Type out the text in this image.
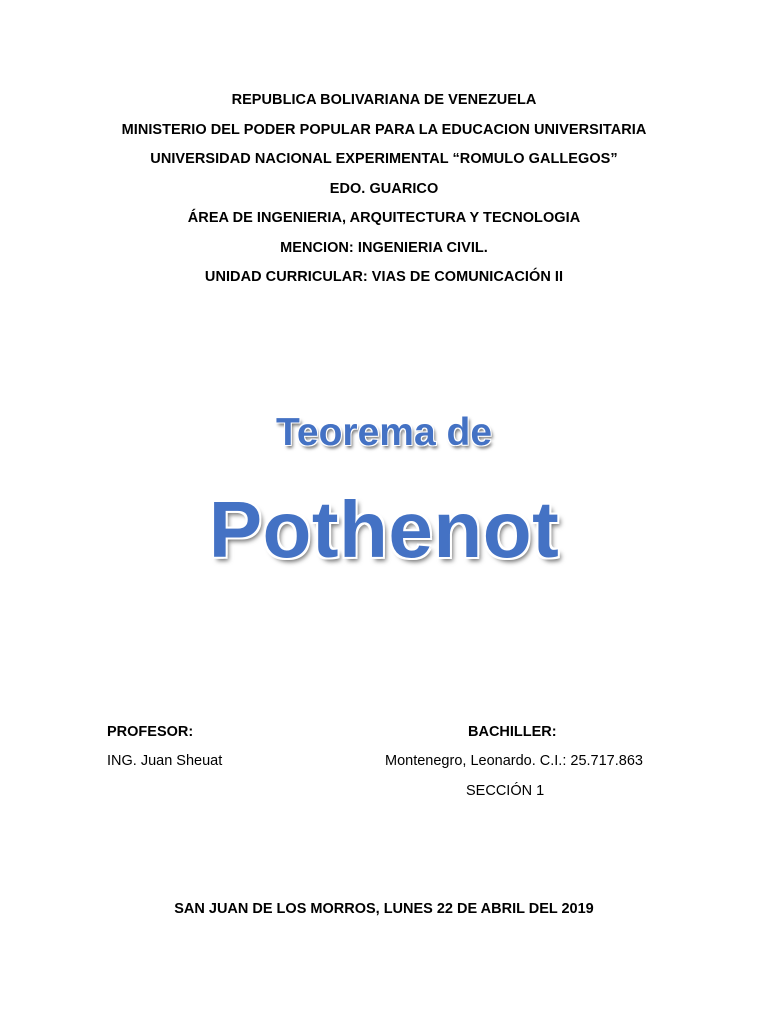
REPUBLICA BOLIVARIANA DE VENEZUELA
MINISTERIO DEL PODER POPULAR PARA LA EDUCACION UNIVERSITARIA
UNIVERSIDAD NACIONAL EXPERIMENTAL “ROMULO GALLEGOS”
EDO. GUARICO
ÁREA DE INGENIERIA, ARQUITECTURA Y TECNOLOGIA
MENCION: INGENIERIA CIVIL.
UNIDAD CURRICULAR: VIAS DE COMUNICACIÓN II
Teorema de
Pothenot
PROFESOR:	BACHILLER:
ING. Juan Sheuat	Montenegro, Leonardo. C.I.: 25.717.863
SECCIÓN 1
SAN JUAN DE LOS MORROS, LUNES 22 DE ABRIL DEL 2019
